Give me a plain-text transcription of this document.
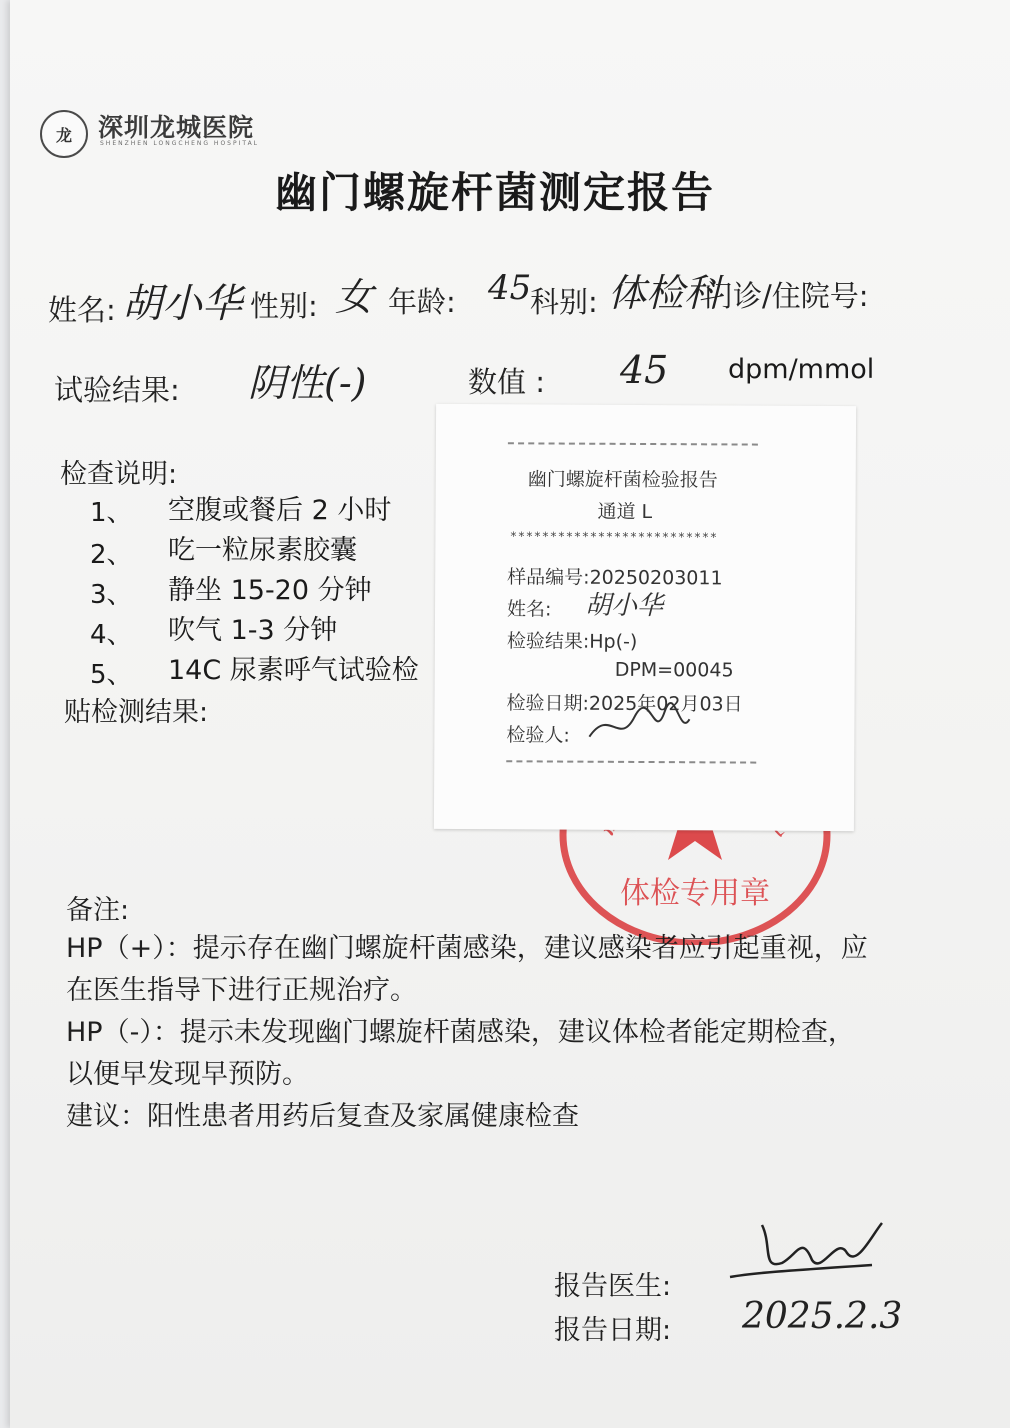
龙 深圳龙城医院
SHENZHEN LONGCHENG HOSPITAL
幽门螺旋杆菌测定报告
姓名: 胡小华 性别: 女 年龄: 45
科别: 体检科
门诊/住院号:
试验结果: 阴性(-)	数值 : 45 dpm/mmol
检查说明:
1、 空腹或餐后 2 小时
2、 吃一粒尿素胶囊
3、 静坐 15-20 分钟
4、 吹气 1-3 分钟
5、 14C 尿素呼气试验检
贴检测结果:
体检专用章
幽门螺旋杆菌检验报告
通道 L
**************************
样品编号:20250203011
姓名: 胡小华
检验结果:Hp(-)
DPM=00045
检验日期:2025年02月03日
检验人:
备注:
HP（+）：提示存在幽门螺旋杆菌感染，建议感染者应引起重视，应
在医生指导下进行正规治疗。
HP（-）：提示未发现幽门螺旋杆菌感染，建议体检者能定期检查，
以便早发现早预防。
建议：阳性患者用药后复查及家属健康检查
报告医生:
报告日期: 2025.2.3
